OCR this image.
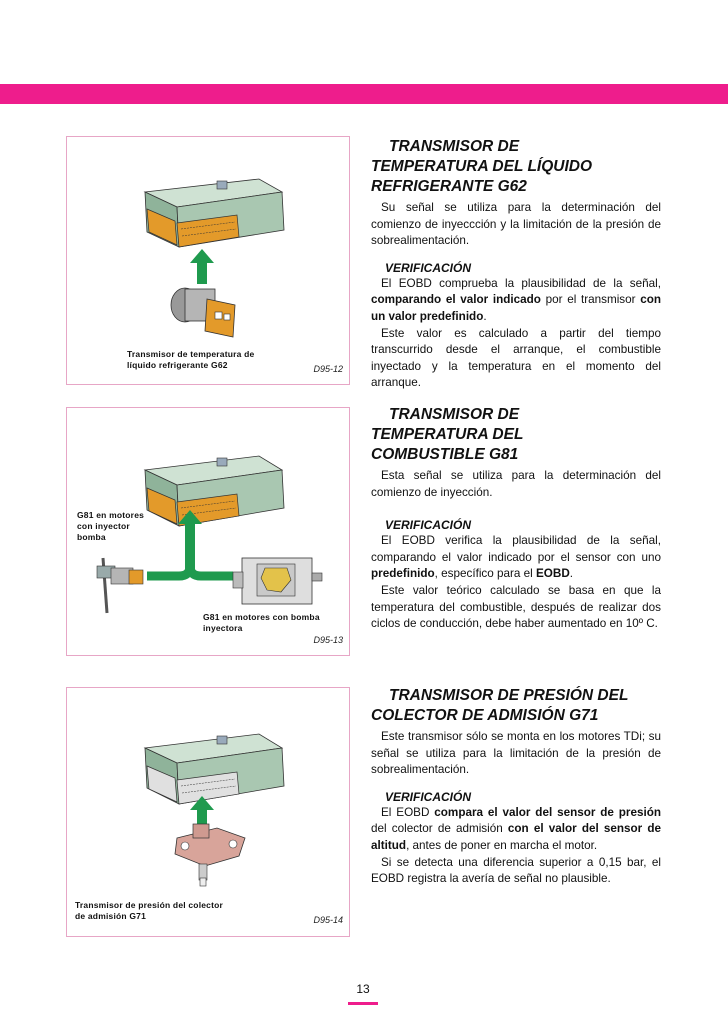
Transmisor de temperatura de líquido refrigerante G62	D95-12
G81 en motores con inyector bomba
G81 en motores con bomba inyectora
D95-13
Transmisor de presión del colector de admisión G71	D95-14
TRANSMISOR DE
TEMPERATURA DEL LÍQUIDO
REFRIGERANTE G62

Su señal se utiliza para la determinación del comienzo de inyeccción y la limitación de la presión de sobrealimentación.

VERIFICACIÓN

El EOBD comprueba la plausibilidad de la señal, comparando el valor indicado por el transmisor con un valor predefinido.

Este valor es calculado a partir del tiempo transcurrido desde el arranque, el combustible inyectado y la temperatura en el momento del arranque.

TRANSMISOR DE
TEMPERATURA DEL
COMBUSTIBLE G81

Esta señal se utiliza para la determinación del comienzo de inyección.

VERIFICACIÓN

El EOBD verifica la plausibilidad de la señal, comparando el valor indicado por el sensor con uno predefinido, específico para el EOBD.

Este valor teórico calculado se basa en que la temperatura del combustible, después de realizar dos ciclos de conducción, debe haber aumentado en 10º C.

TRANSMISOR DE PRESIÓN DEL
COLECTOR DE ADMISIÓN G71

Este transmisor sólo se monta en los motores TDi; su señal se utiliza para la limitación de la presión de sobrealimentación.

VERIFICACIÓN

El EOBD compara el valor del sensor de presión del colector de admisión con el valor del sensor de altitud, antes de poner en marcha el motor.

Si se detecta una diferencia superior a 0,15 bar, el EOBD registra la avería de señal no plausible.

13
